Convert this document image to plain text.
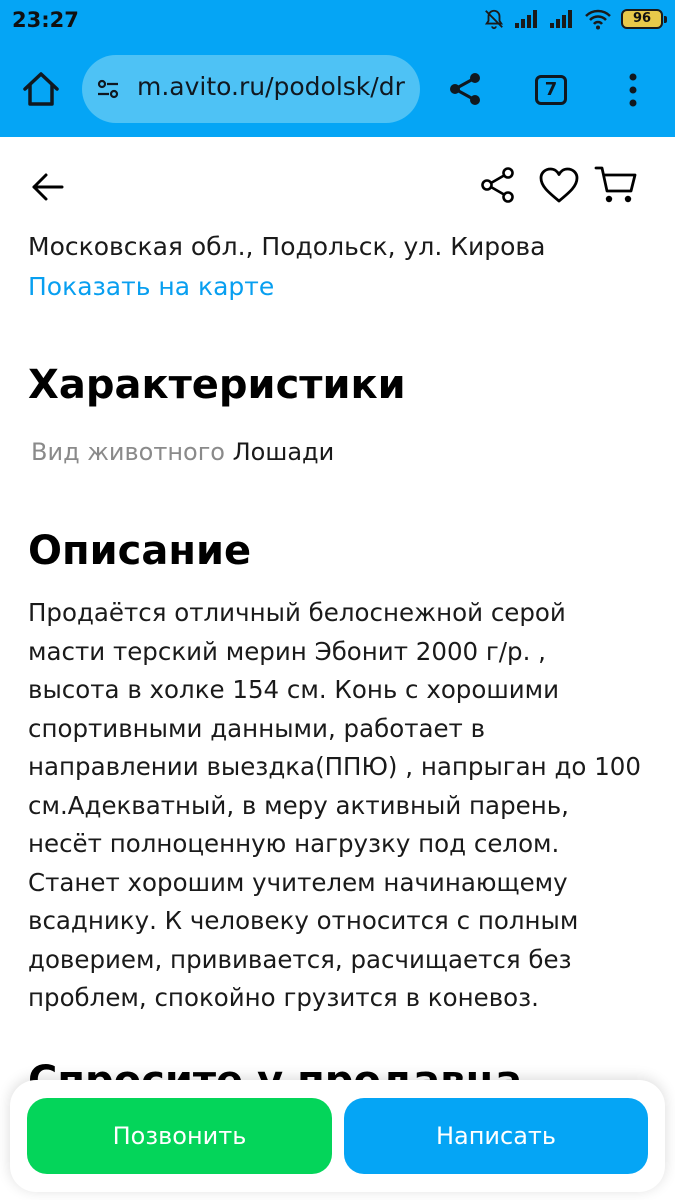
23:27	96
m.avito.ru/podolsk/dr	7
Московская обл., Подольск, ул. Кирова
Показать на карте
Характеристики
Вид животного Лошади
Описание
Продаётся отличный белоснежной серой
масти терский мерин Эбонит 2000 г/р. ,
высота в холке 154 см. Конь с хорошими
спортивными данными, работает в
направлении выездка(ППЮ) , напрыган до 100
см.Адекватный, в меру активный парень,
несёт полноценную нагрузку под селом.
Станет хорошим учителем начинающему
всаднику. К человеку относится с полным
доверием, прививается, расчищается без
проблем, спокойно грузится в коневоз.
Позвонить	Написать
